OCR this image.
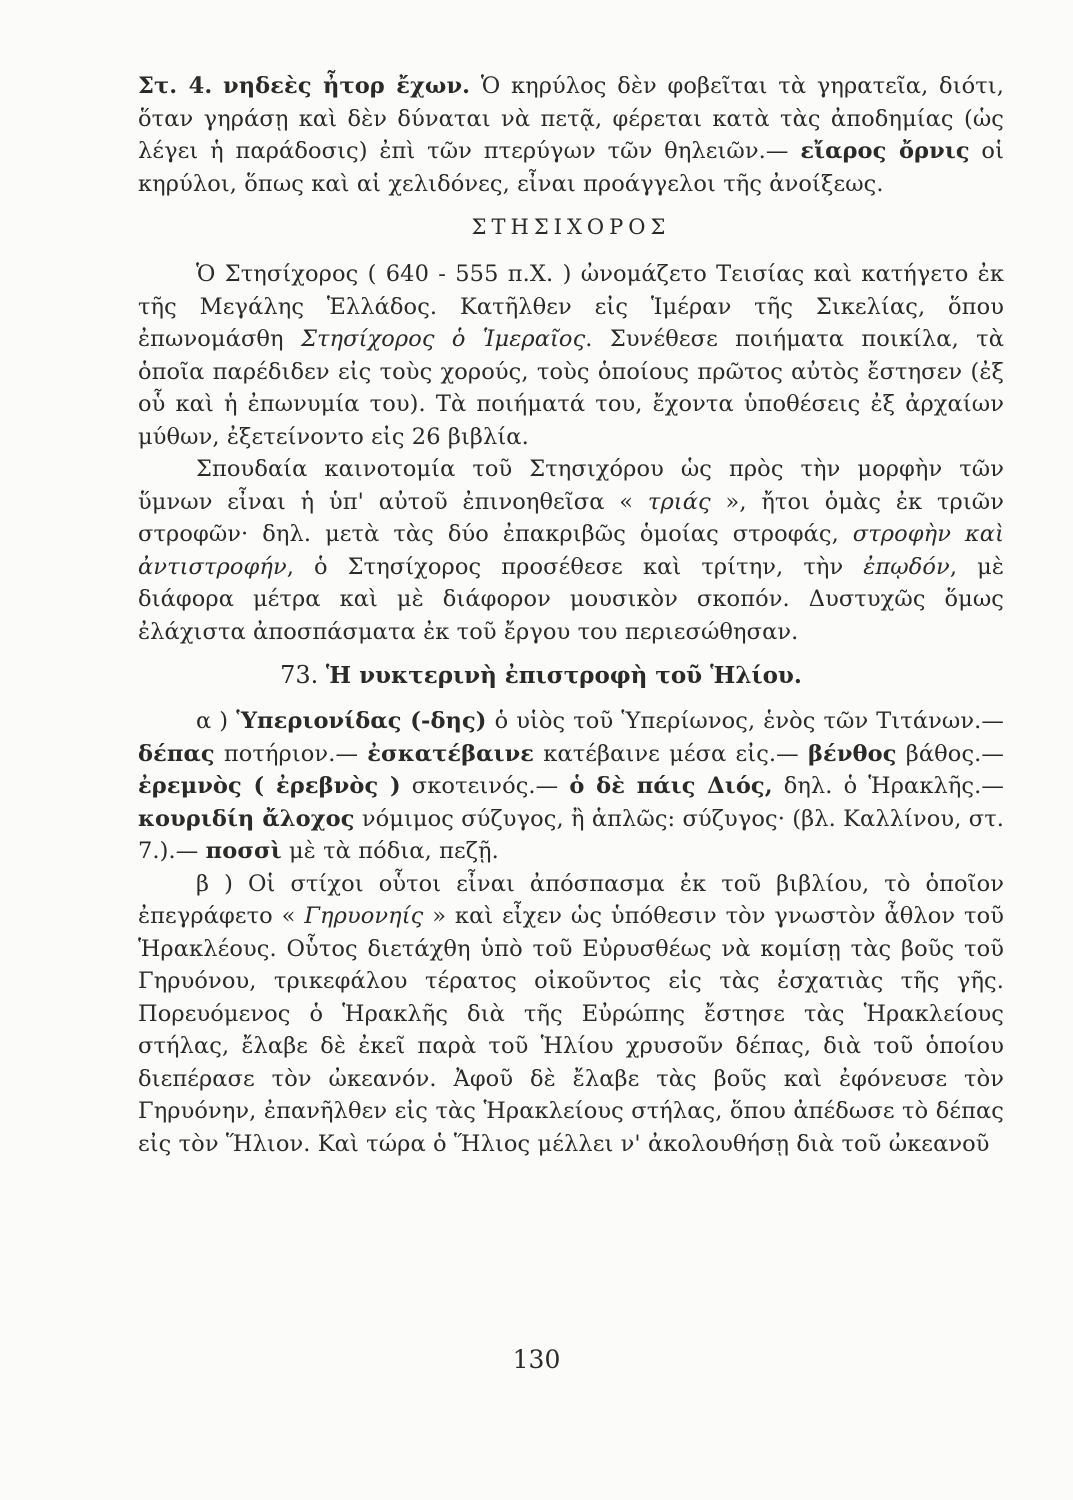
Στ. 4. νηδεὲς ἦτορ ἔχων. Ὁ κηρύλος δὲν φοβεῖται τὰ γηρατεῖα, διότι, ὅταν γηράσῃ καὶ δὲν δύναται νὰ πετᾷ, φέρεται κατὰ τὰς ἀποδημίας (ὡς λέγει ἡ παράδοσις) ἐπὶ τῶν πτερύγων τῶν θηλειῶν.— εἴαρος ὄρνις οἱ κηρύλοι, ὅπως καὶ αἱ χελιδόνες, εἶναι προάγγελοι τῆς ἀνοίξεως.

ΣΤΗΣΙΧΟΡΟΣ

Ὁ Στησίχορος ( 640 - 555 π.Χ. ) ὠνομάζετο Τεισίας καὶ κατήγετο ἐκ τῆς Μεγάλης Ἑλλάδος. Κατῆλθεν εἰς Ἱμέραν τῆς Σικελίας, ὅπου ἐπωνομάσθη Στησίχορος ὁ Ἱμεραῖος. Συνέθεσε ποιήματα ποικίλα, τὰ ὁποῖα παρέδιδεν εἰς τοὺς χορούς, τοὺς ὁποίους πρῶτος αὐτὸς ἔστησεν (ἐξ οὗ καὶ ἡ ἐπωνυμία του). Τὰ ποιήματά του, ἔχοντα ὑποθέσεις ἐξ ἀρχαίων μύθων, ἐξετείνοντο εἰς 26 βιβλία.

Σπουδαία καινοτομία τοῦ Στησιχόρου ὡς πρὸς τὴν μορφὴν τῶν ὕμνων εἶναι ἡ ὑπ' αὐτοῦ ἐπινοηθεῖσα « τριάς », ἤτοι ὁμὰς ἐκ τριῶν στροφῶν· δηλ. μετὰ τὰς δύο ἐπακριβῶς ὁμοίας στροφάς, στροφὴν καὶ ἀντιστροφήν, ὁ Στησίχορος προσέθεσε καὶ τρίτην, τὴν ἐπῳδόν, μὲ διάφορα μέτρα καὶ μὲ διάφορον μουσικὸν σκοπόν. Δυστυχῶς ὅμως ἐλάχιστα ἀποσπάσματα ἐκ τοῦ ἔργου του περιεσώθησαν.

73. Ἡ νυκτερινὴ ἐπιστροφὴ τοῦ Ἡλίου.

α ) Ὑπεριονίδας (-δης) ὁ υἱὸς τοῦ Ὑπερίωνος, ἑνὸς τῶν Τιτάνων.— δέπας ποτήριον.— ἐσκατέβαινε κατέβαινε μέσα εἰς.— βένθος βάθος.— ἐρεμνὸς ( ἐρεβνὸς ) σκοτεινός.— ὁ δὲ πάις Διός, δηλ. ὁ Ἡρακλῆς.— κουριδίη ἄλοχος νόμιμος σύζυγος, ἢ ἁπλῶς: σύζυγος· (βλ. Καλλίνου, στ. 7.).— ποσσὶ μὲ τὰ πόδια, πεζῇ.

β ) Οἱ στίχοι οὗτοι εἶναι ἀπόσπασμα ἐκ τοῦ βιβλίου, τὸ ὁποῖον ἐπεγράφετο « Γηρυονηίς » καὶ εἶχεν ὡς ὑπόθεσιν τὸν γνωστὸν ἆθλον τοῦ Ἡρακλέους. Οὗτος διετάχθη ὑπὸ τοῦ Εὐρυσθέως νὰ κομίσῃ τὰς βοῦς τοῦ Γηρυόνου, τρικεφάλου τέρατος οἰκοῦντος εἰς τὰς ἐσχατιὰς τῆς γῆς. Πορευόμενος ὁ Ἡρακλῆς διὰ τῆς Εὐρώπης ἔστησε τὰς Ἡρακλείους στήλας, ἔλαβε δὲ ἐκεῖ παρὰ τοῦ Ἡλίου χρυσοῦν δέπας, διὰ τοῦ ὁποίου διεπέρασε τὸν ὠκεανόν. Ἀφοῦ δὲ ἔλαβε τὰς βοῦς καὶ ἐφόνευσε τὸν Γηρυόνην, ἐπανῆλθεν εἰς τὰς Ἡρακλείους στήλας, ὅπου ἀπέδωσε τὸ δέπας εἰς τὸν Ἥλιον. Καὶ τώρα ὁ Ἥλιος μέλλει ν' ἀκολουθήσῃ διὰ τοῦ ὠκεανοῦ

130
